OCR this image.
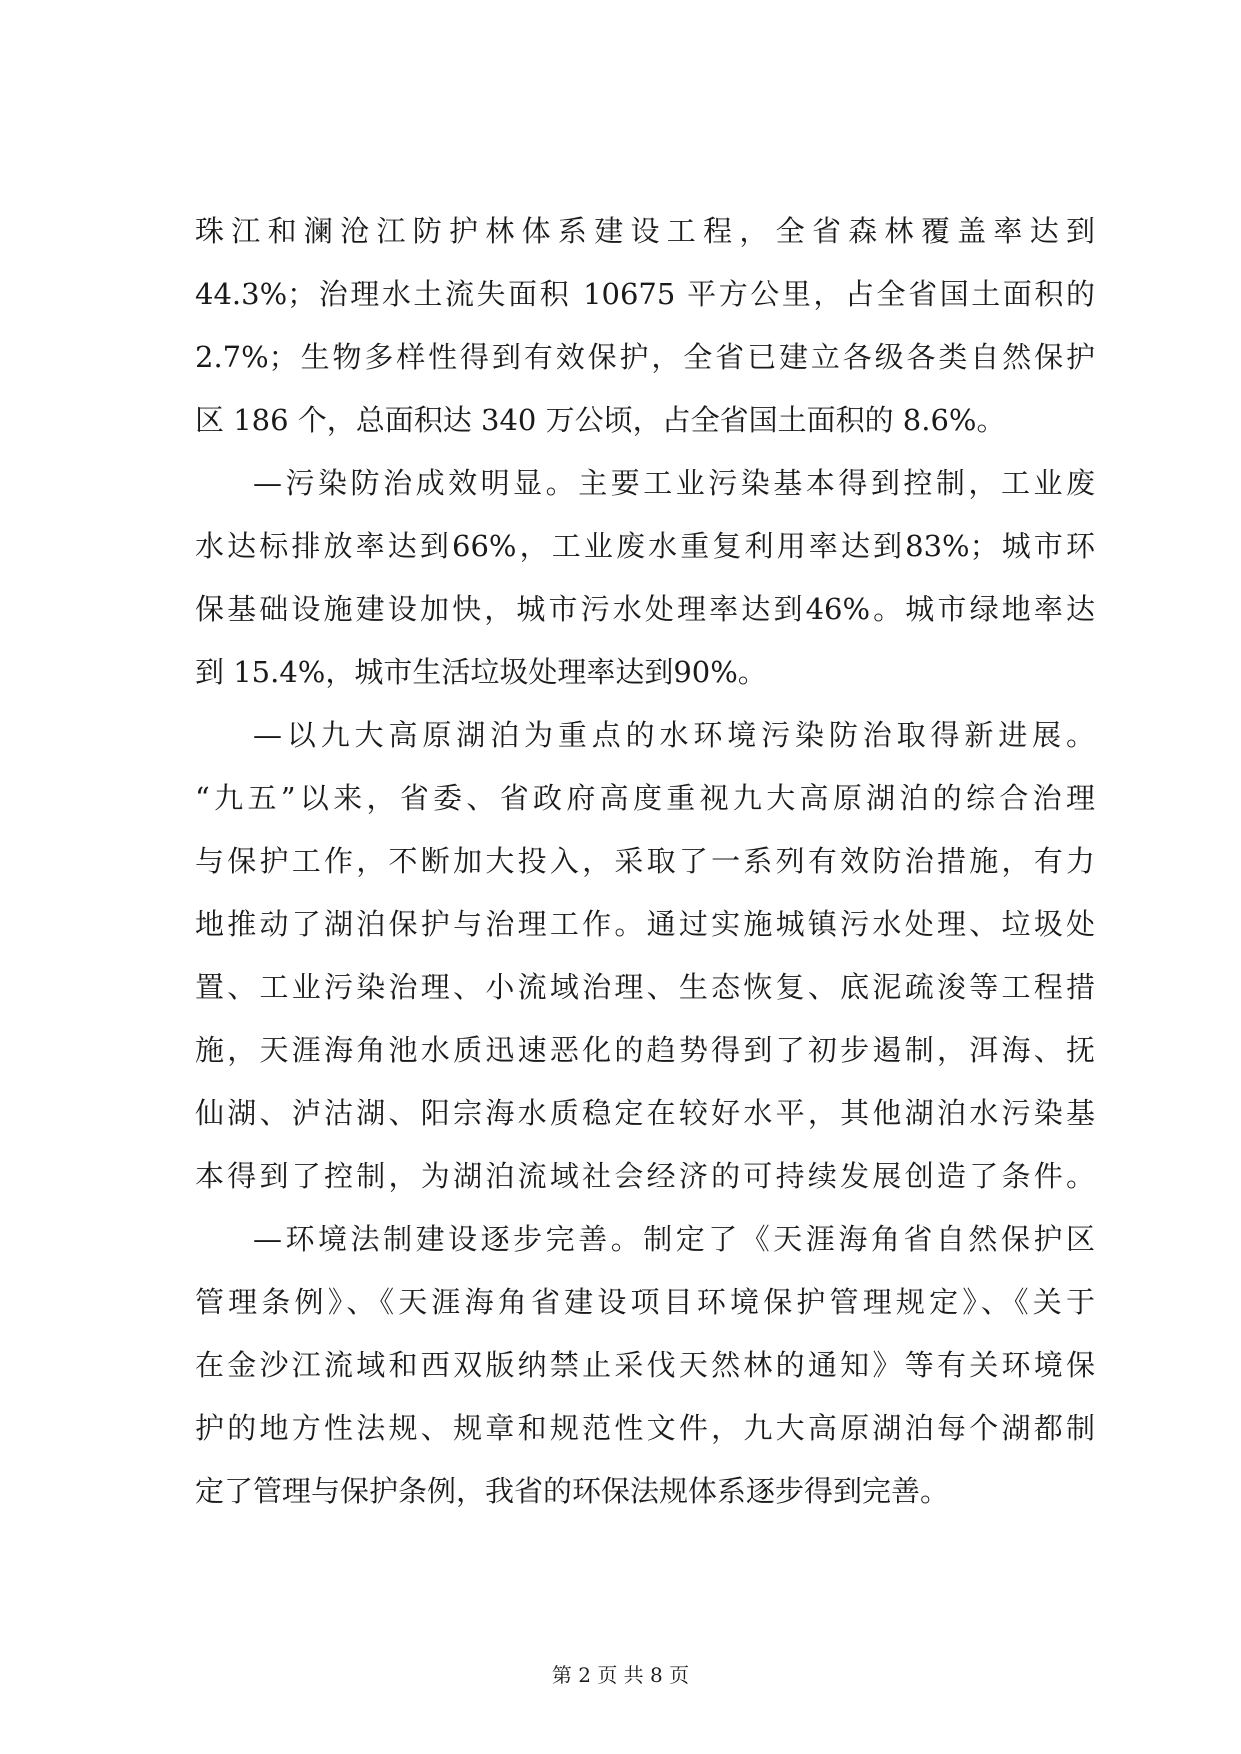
珠江和澜沧江防护林体系建设工程，全省森林覆盖率达到
44.3%；治理水土流失面积 10675 平方公里，占全省国土面积的
2.7%；生物多样性得到有效保护，全省已建立各级各类自然保护
区 186 个，总面积达 340 万公顷，占全省国土面积的 8.6%。
—污染防治成效明显。主要工业污染基本得到控制，工业废
水达标排放率达到66%，工业废水重复利用率达到83%；城市环
保基础设施建设加快，城市污水处理率达到46%。城市绿地率达
到 15.4%，城市生活垃圾处理率达到90%。
—以九大高原湖泊为重点的水环境污染防治取得新进展。
“九五”以来，省委、省政府高度重视九大高原湖泊的综合治理
与保护工作，不断加大投入，采取了一系列有效防治措施，有力
地推动了湖泊保护与治理工作。通过实施城镇污水处理、垃圾处
置、工业污染治理、小流域治理、生态恢复、底泥疏浚等工程措
施，天涯海角池水质迅速恶化的趋势得到了初步遏制，洱海、抚
仙湖、泸沽湖、阳宗海水质稳定在较好水平，其他湖泊水污染基
本得到了控制，为湖泊流域社会经济的可持续发展创造了条件。
—环境法制建设逐步完善。制定了《天涯海角省自然保护区
管理条例》、《天涯海角省建设项目环境保护管理规定》、《关于
在金沙江流域和西双版纳禁止采伐天然林的通知》等有关环境保
护的地方性法规、规章和规范性文件，九大高原湖泊每个湖都制
定了管理与保护条例，我省的环保法规体系逐步得到完善。
第 2 页 共 8 页
